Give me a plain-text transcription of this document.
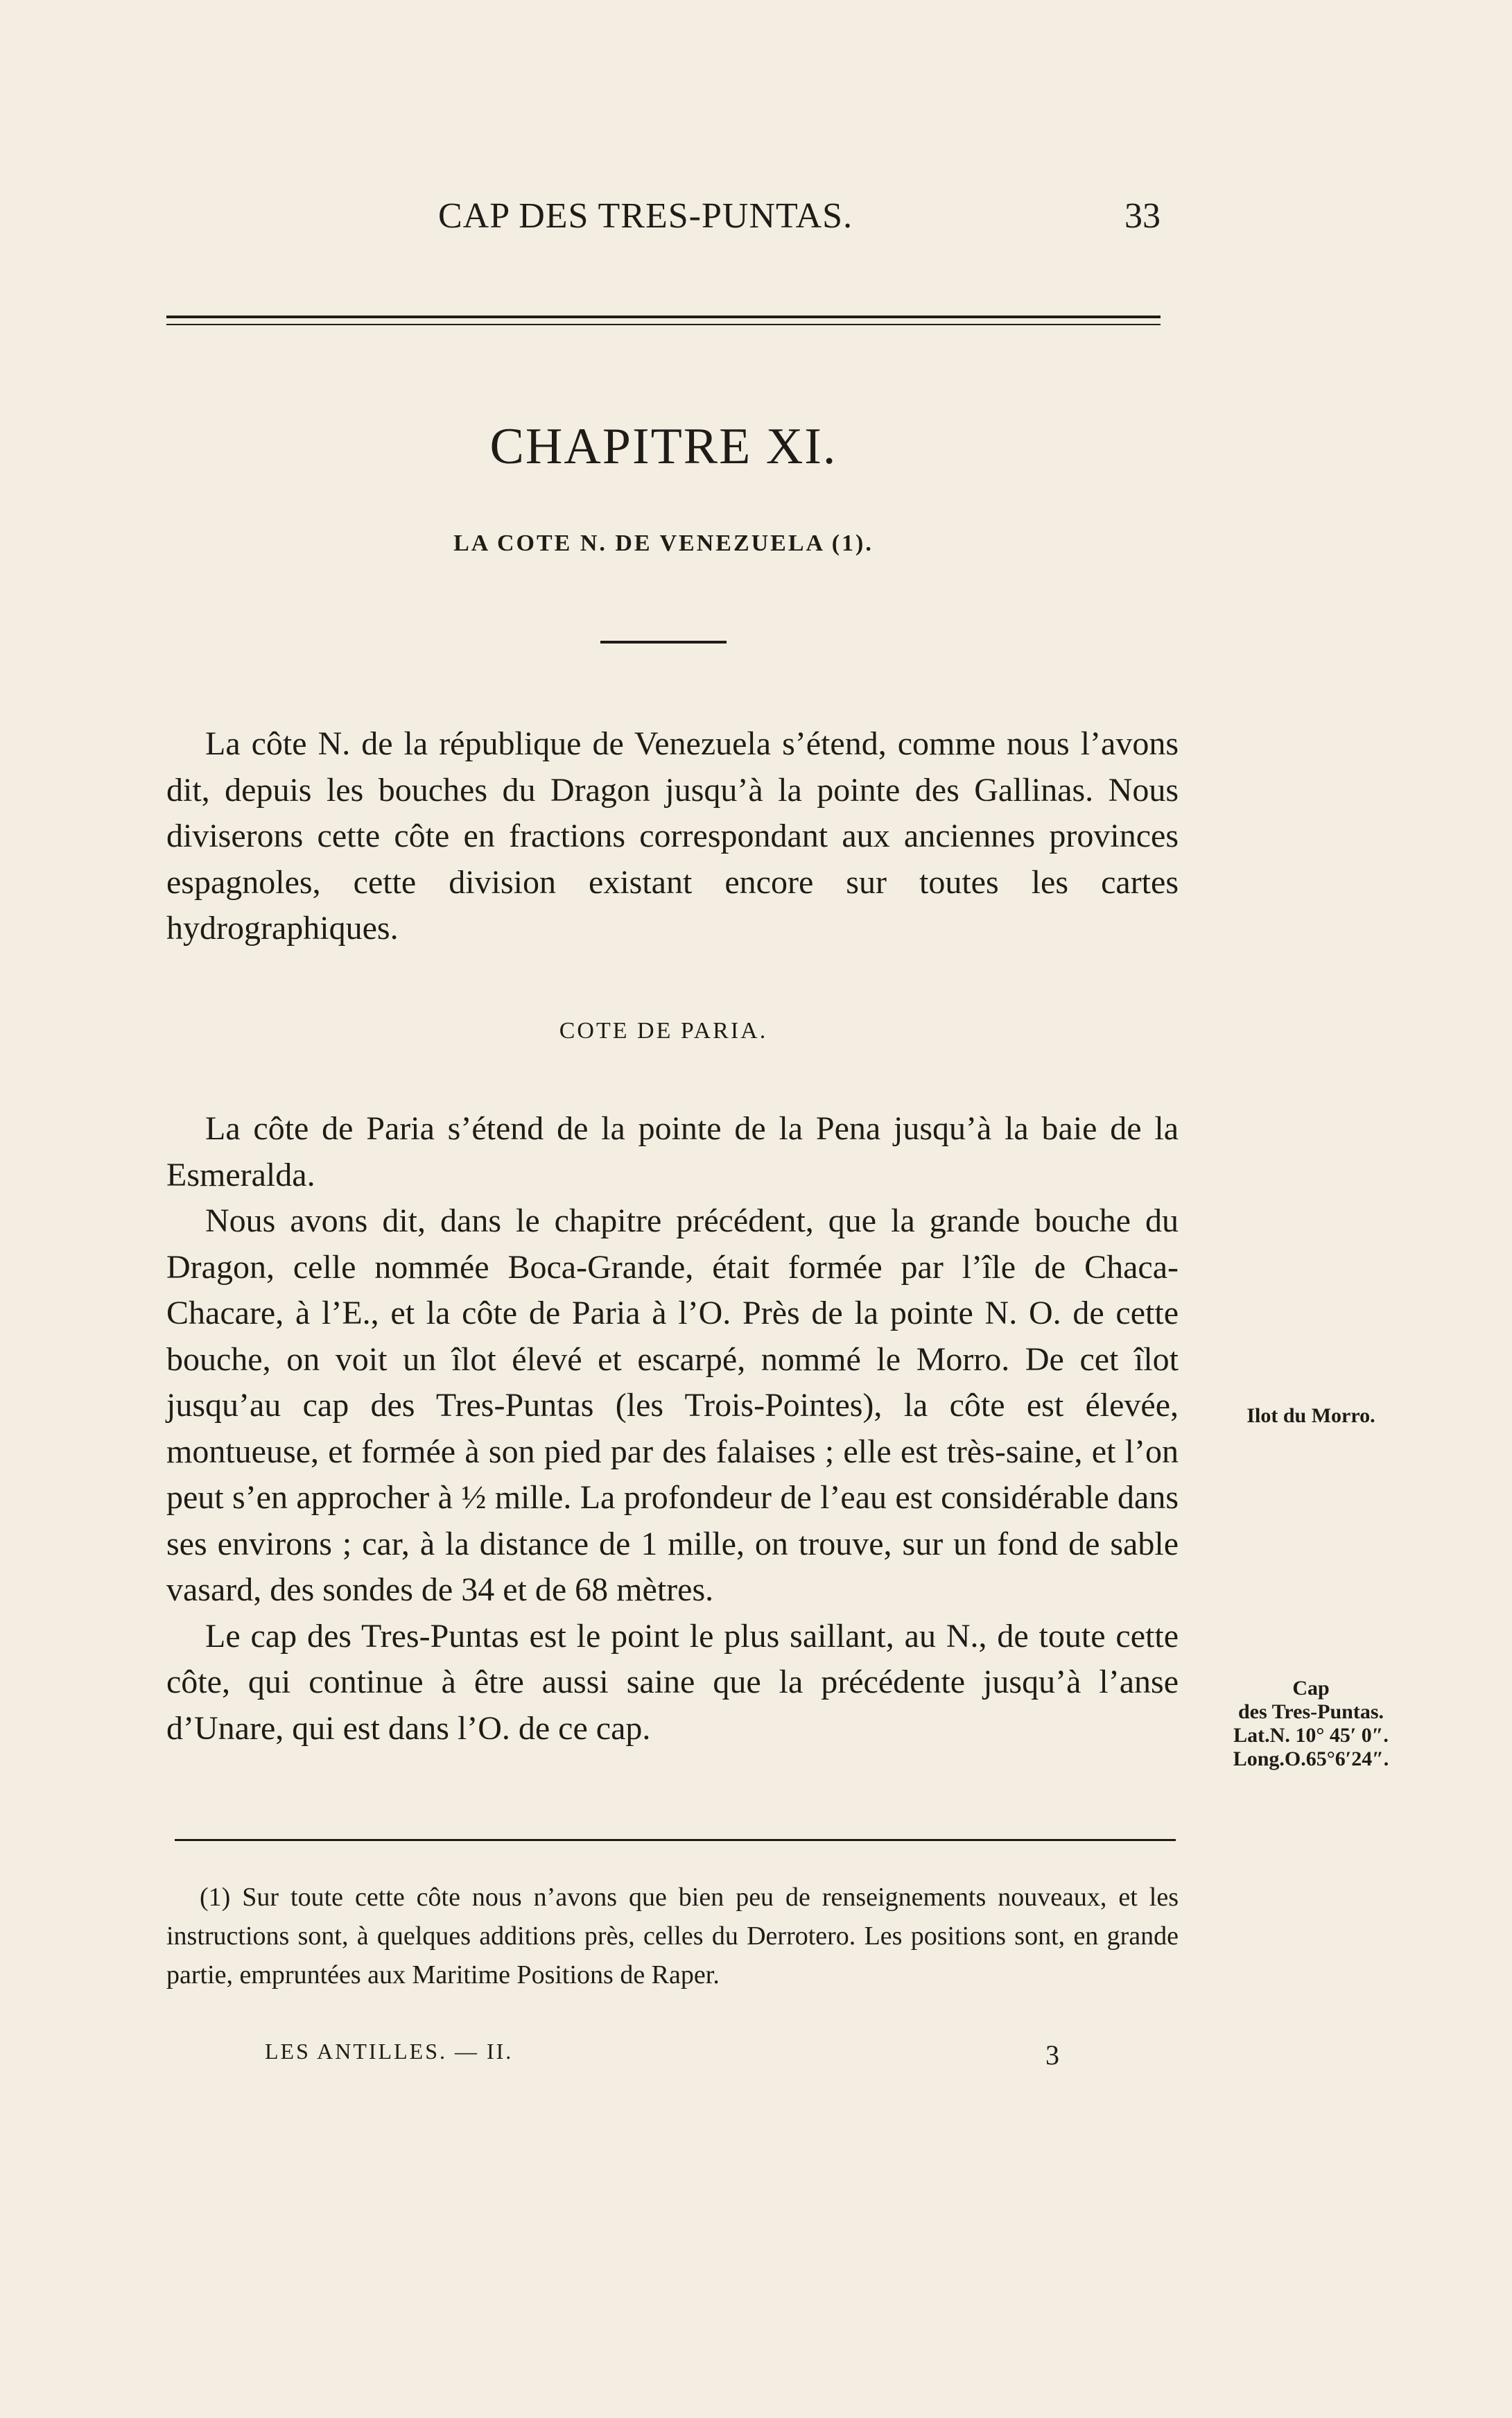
CAP DES TRES-PUNTAS.	33
CHAPITRE XI.
LA COTE N. DE VENEZUELA (1).

La côte N. de la république de Venezuela s’étend, comme nous l’avons dit, depuis les bouches du Dragon jusqu’à la pointe des Gallinas. Nous diviserons cette côte en fractions correspondant aux anciennes provinces espagnoles, cette division existant encore sur toutes les cartes hydrographiques.

COTE DE PARIA.

La côte de Paria s’étend de la pointe de la Pena jusqu’à la baie de la Esmeralda.

Nous avons dit, dans le chapitre précédent, que la grande bouche du Dragon, celle nommée Boca-Grande, était formée par l’île de Chaca-Chacare, à l’E., et la côte de Paria à l’O. Près de la pointe N. O. de cette bouche, on voit un îlot élevé et escarpé, nommé le Morro. De cet îlot jusqu’au cap des Tres-Puntas (les Trois-Pointes), la côte est élevée, montueuse, et formée à son pied par des falaises ; elle est très-saine, et l’on peut s’en approcher à ½ mille. La profondeur de l’eau est considérable dans ses environs ; car, à la distance de 1 mille, on trouve, sur un fond de sable vasard, des sondes de 34 et de 68 mètres.

Le cap des Tres-Puntas est le point le plus saillant, au N., de toute cette côte, qui continue à être aussi saine que la précédente jusqu’à l’anse d’Unare, qui est dans l’O. de ce cap.

Ilot du Morro.
Cap
des Tres-Puntas.
Lat.N. 10° 45′ 0″.
Long.O.65°6′24″.

(1) Sur toute cette côte nous n’avons que bien peu de renseignements nouveaux, et les instructions sont, à quelques additions près, celles du Derrotero. Les positions sont, en grande partie, empruntées aux Maritime Positions de Raper.

LES ANTILLES. — II.	3
